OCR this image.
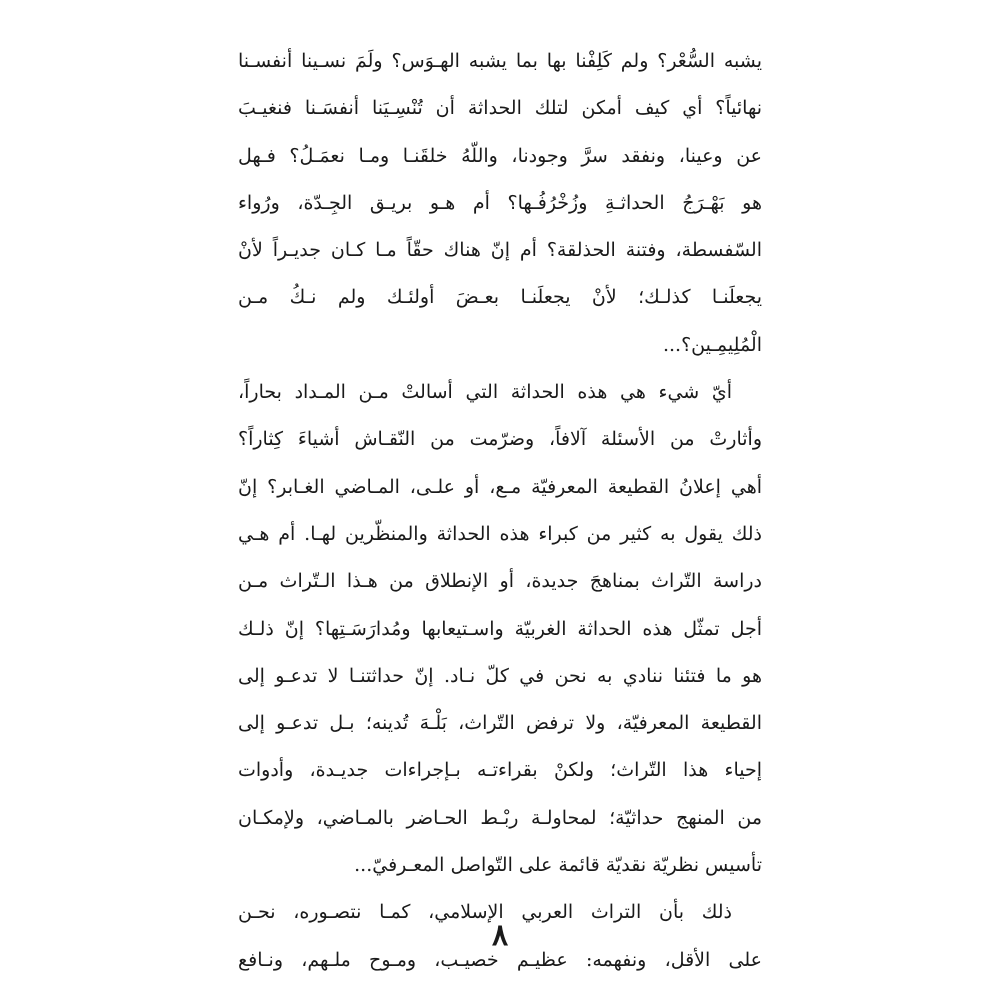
يشبه السُّعْر؟ ولم كَلِفْنا بها بما يشبه الهـوَس؟ ولَمَ نسـينا أنفسـنا
نهائياً؟ أي كيف أمكن لتلك الحداثة أن تُنْسِـيَنا أنفسَـنا فنغيـبَ
عن وعينا، ونفقد سرَّ وجودنا، واللّهُ خلقَنـا ومـا نعمَـلُ؟ فـهل
هو بَهْـرَجُ الحداثـةِ وزُخْرُفُـها؟ أم هـو بريـق الجِـدّة، ورُواء
السّفسطة، وفتنة الحذلقة؟ أم إنّ هناك حقّاً مـا كـان جديـراً لأنْ
يجعلَنـا كذلـك؛ لأنْ يجعلَنـا بعـضَ أولئـك ولم نـكُ مـن
الْمُلِيمِـين؟...
أيّ شيء هي هذه الحداثة التي أسالتْ مـن المـداد بحاراً،
وأثارتْ من الأسئلة آلافاً، وضرّمت من النّقـاش أشياءَ كِثاراً؟
أهي إعلانُ القطيعة المعرفيّة مـع، أو علـى، المـاضي الغـابر؟ إنّ
ذلك يقول به كثير من كبراء هذه الحداثة والمنظّرين لهـا. أم هـي
دراسة التّراث بمناهجَ جديدة، أو الإنطلاق من هـذا الـتّراث مـن
أجل تمثّل هذه الحداثة الغربيّة واسـتيعابها ومُدارَسَـتِها؟ إنّ ذلـك
هو ما فتئنا ننادي به نحن في كلّ نـاد. إنّ حداثتنـا لا تدعـو إلى
القطيعة المعرفيّة، ولا ترفض التّراث، بَلْـهَ تُدينه؛ بـل تدعـو إلى
إحياء هذا التّراث؛ ولكنْ بقراءتـه بـإجراءات جديـدة، وأدوات
من المنهج حداثيّة؛ لمحاولـة ربْـط الحـاضر بالمـاضي، ولإمكـان
تأسيس نظريّة نقديّة قائمة على التّواصل المعـرفيّ...
ذلك بأن التراث العربي الإسلامي، كمـا نتصـوره، نحـن
على الأقل، ونفهمه: عظيـم خصيـب، ومـوح ملـهم، ونـافع
٨
